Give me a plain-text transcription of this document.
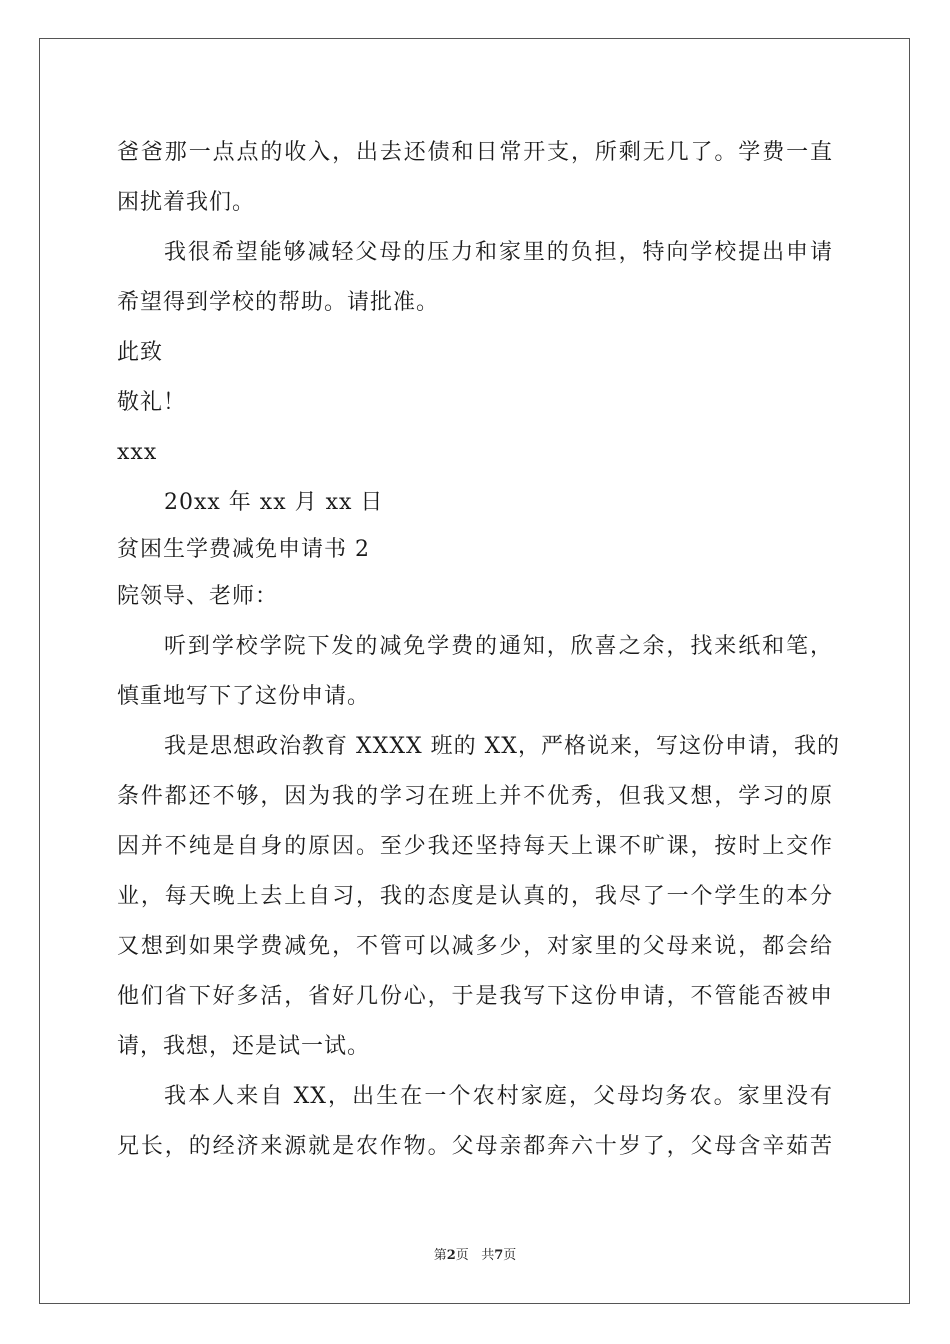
爸爸那一点点的收入，出去还债和日常开支，所剩无几了。学费一直
困扰着我们。
我很希望能够减轻父母的压力和家里的负担，特向学校提出申请
希望得到学校的帮助。请批准。
此致
敬礼！
xxx
20xx 年 xx 月 xx 日
贫困生学费减免申请书 2
院领导、老师：
听到学校学院下发的减免学费的通知，欣喜之余，找来纸和笔，
慎重地写下了这份申请。
我是思想政治教育 XXXX 班的 XX，严格说来，写这份申请，我的
条件都还不够，因为我的学习在班上并不优秀，但我又想，学习的原
因并不纯是自身的原因。至少我还坚持每天上课不旷课，按时上交作
业，每天晚上去上自习，我的态度是认真的，我尽了一个学生的本分
又想到如果学费减免，不管可以减多少，对家里的父母来说，都会给
他们省下好多活，省好几份心，于是我写下这份申请，不管能否被申
请，我想，还是试一试。
我本人来自 XX，出生在一个农村家庭，父母均务农。家里没有
兄长，的经济来源就是农作物。父母亲都奔六十岁了，父母含辛茹苦
第2页 共7页
